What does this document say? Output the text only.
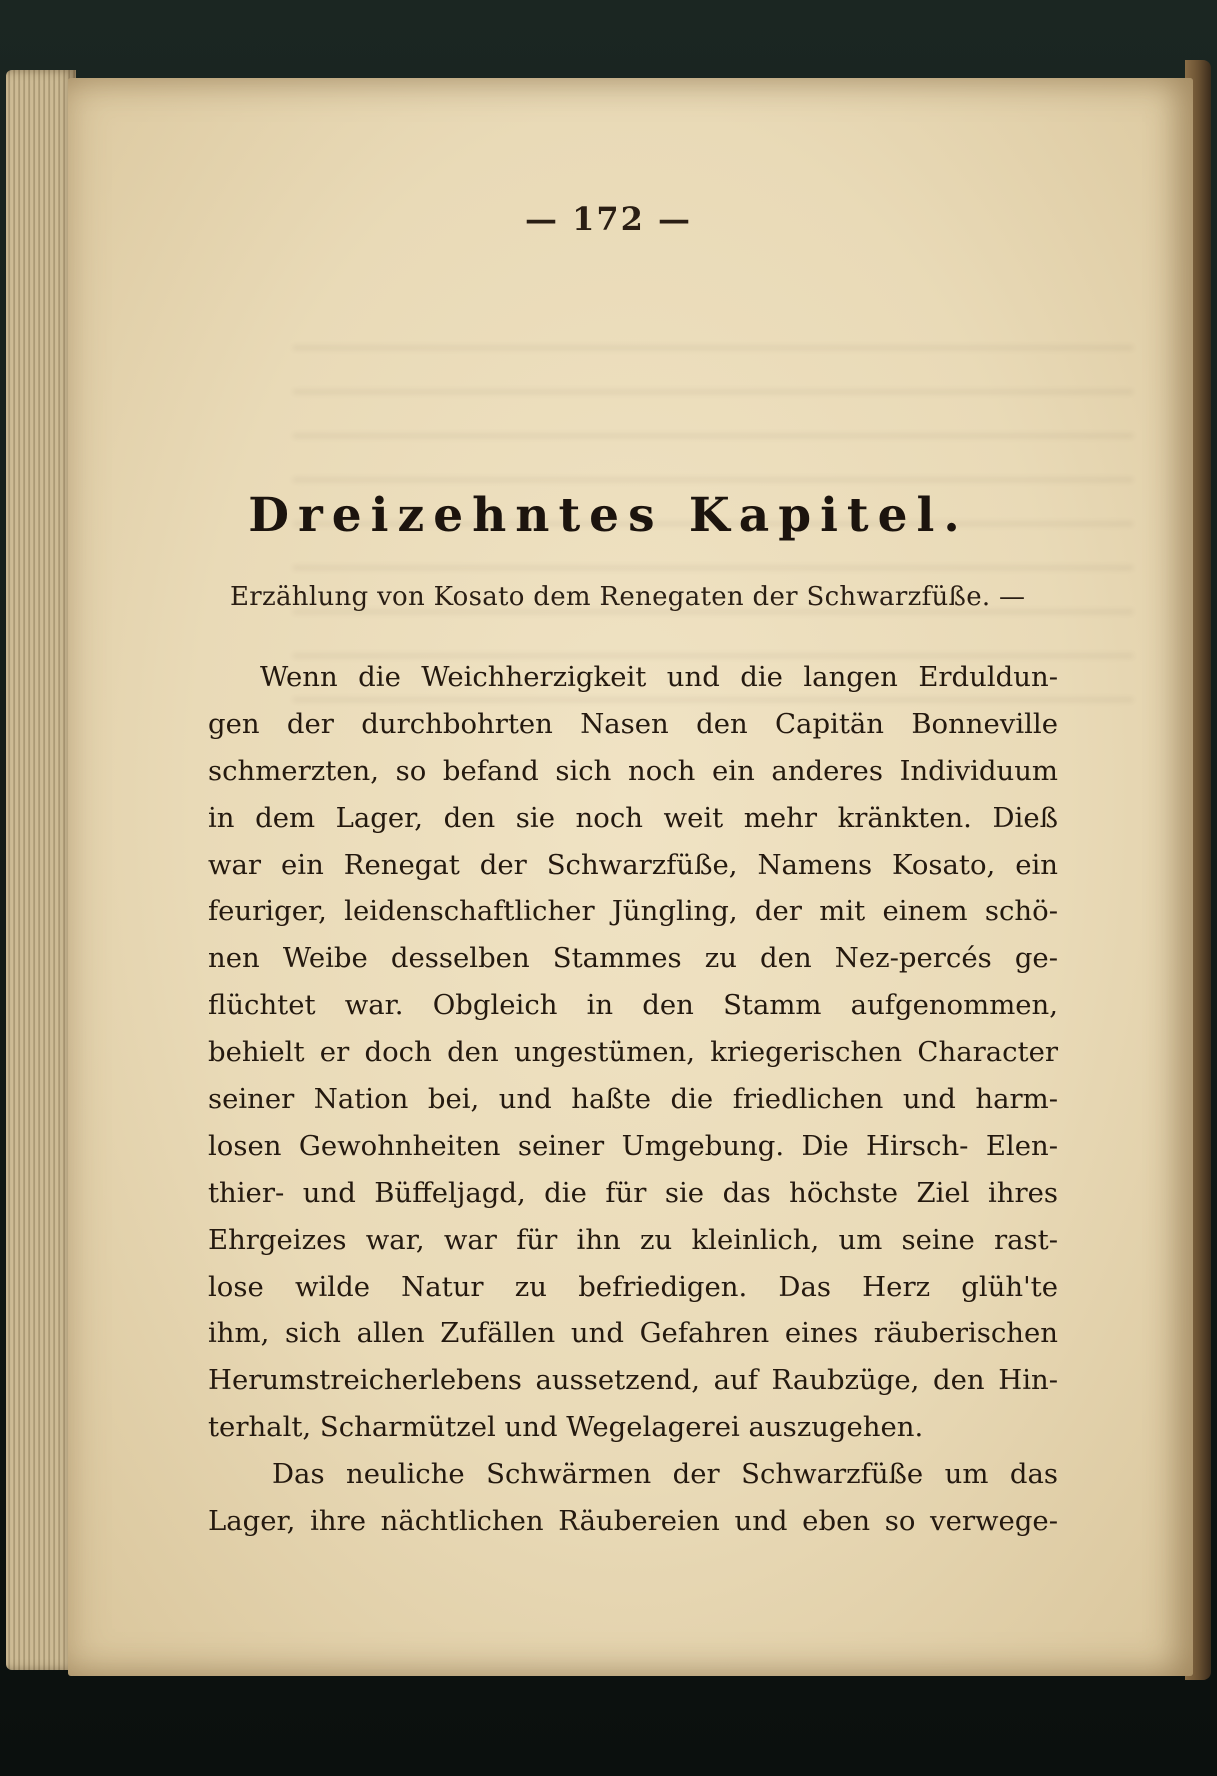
— 172 —
Dreizehntes Kapitel.
Erzählung von Kosato dem Renegaten der Schwarzfüße. —
Wenn die Weichherzigkeit und die langen Erduldun-
gen der durchbohrten Nasen den Capitän Bonneville
schmerzten, so befand sich noch ein anderes Individuum
in dem Lager, den sie noch weit mehr kränkten. Dieß
war ein Renegat der Schwarzfüße, Namens Kosato, ein
feuriger, leidenschaftlicher Jüngling, der mit einem schö-
nen Weibe desselben Stammes zu den Nez-percés ge-
flüchtet war. Obgleich in den Stamm aufgenommen,
behielt er doch den ungestümen, kriegerischen Character
seiner Nation bei, und haßte die friedlichen und harm-
losen Gewohnheiten seiner Umgebung. Die Hirsch- Elen-
thier- und Büffeljagd, die für sie das höchste Ziel ihres
Ehrgeizes war, war für ihn zu kleinlich, um seine rast-
lose wilde Natur zu befriedigen. Das Herz glüh'te
ihm, sich allen Zufällen und Gefahren eines räuberischen
Herumstreicherlebens aussetzend, auf Raubzüge, den Hin-
terhalt, Scharmützel und Wegelagerei auszugehen.
Das neuliche Schwärmen der Schwarzfüße um das
Lager, ihre nächtlichen Räubereien und eben so verwege-
